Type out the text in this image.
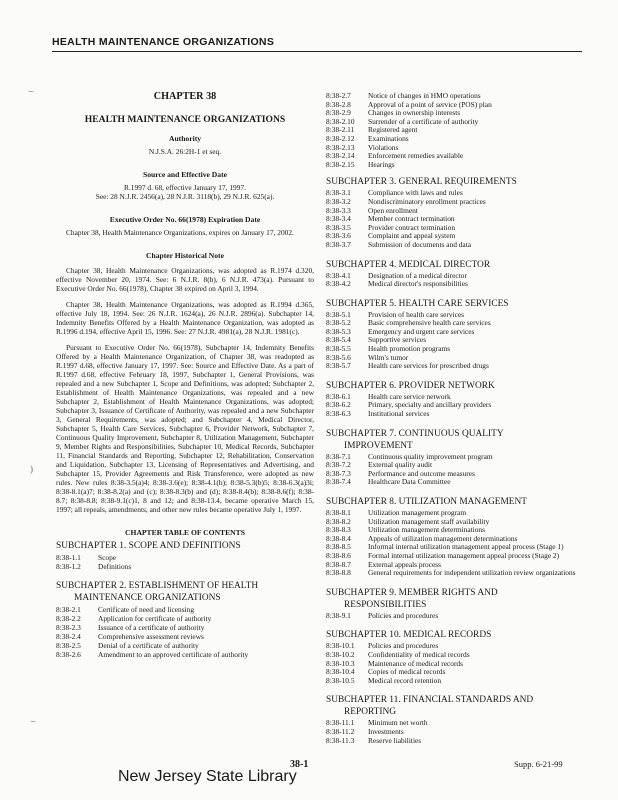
HEALTH MAINTENANCE ORGANIZATIONS
CHAPTER 38
HEALTH MAINTENANCE ORGANIZATIONS
Authority
N.J.S.A. 26:2H-1 et seq.
Source and Effective Date
R.1997 d. 68, effective January 17, 1997.
See: 28 N.J.R. 2456(a), 28 N.J.R. 3118(b), 29 N.J.R. 625(a).
Executive Order No. 66(1978) Expiration Date

Chapter 38, Health Maintenance Organizations, expires on January 17, 2002.

Chapter Historical Note

Chapter 38, Health Maintenance Organizations, was adopted as R.1974 d.320, effective November 20, 1974. See: 6 N.J.R. 8(b), 6 N.J.R. 473(a). Pursuant to Executive Order No. 66(1978), Chapter 38 expired on April 3, 1994.

Chapter 38, Health Maintenance Organizations, was adopted as R.1994 d.365, effective July 18, 1994. See: 26 N.J.R. 1624(a), 26 N.J.R. 2896(a). Subchapter 14, Indemnity Benefits Offered by a Health Maintenance Organization, was adopted as R.1996 d.194, effective April 15, 1996. See: 27 N.J.R. 4981(a), 28 N.J.R. 1981(c).

Pursuant to Executive Order No. 66(1978), Subchapter 14, Indemnity Benefits Offered by a Health Maintenance Organization, of Chapter 38, was readopted as R.1997 d.68, effective January 17, 1997. See: Source and Effective Date. As a part of R.1997 d.68, effective February 18, 1997, Subchapter 1, General Provisions, was repealed and a new Subchapter 1, Scope and Definitions, was adopted; Subchapter 2, Establishment of Health Maintenance Organizations, was repealed and a new Subchapter 2, Establishment of Health Maintenance Organizations, was adopted; Subchapter 3, Issuance of Certificate of Authority, was repealed and a new Subchapter 3, General Requirements, was adopted; and Subchapter 4, Medical Director, Subchapter 5, Health Care Services, Subchapter 6, Provider Network, Subchapter 7, Continuous Quality Improvement, Subchapter 8, Utilization Management, Subchapter 9, Member Rights and Responsibilities, Subchapter 10, Medical Records, Subchapter 11, Financial Standards and Reporting, Subchapter 12, Rehabilitation, Conservation and Liquidation, Subchapter 13, Licensing of Representatives and Advertising, and Subchapter 15, Provider Agreements and Risk Transference, were adopted as new rules. New rules 8:38-3.5(a)4; 8:38-3.6(e); 8:38-4.1(b); 8:38-5.3(b)5; 8:38-6.3(a)3i; 8:38-8.1(a)7; 8:38-8.2(a) and (c); 8:38-8.3(b) and (d); 8:38-8.4(b); 8:38-8.6(f); 8:38-8.7; 8:38-8.8; 8:38-9.1(c)1, 8 and 12; and 8:38-13.4, became operative March 15, 1997; all repeals, amendments, and other new rules became operative July 1, 1997.

CHAPTER TABLE OF CONTENTS
SUBCHAPTER 1. SCOPE AND DEFINITIONS
8:38-1.1	Scope
8:38-1.2	Definitions
SUBCHAPTER 2. ESTABLISHMENT OF HEALTH
MAINTENANCE ORGANIZATIONS
8:38-2.1	Certificate of need and licensing
8:38-2.2	Application for certificate of authority
8:38-2.3	Issuance of a certificate of authority
8:38-2.4	Comprehensive assessment reviews
8:38-2.5	Denial of a certificate of authority
8:38-2.6	Amendment to an approved certificate of authority
8:38-2.7	Notice of changes in HMO operations
8:38-2.8	Approval of a point of service (POS) plan
8:38-2.9	Changes in ownership interests
8:38-2.10	Surrender of a certificate of authority
8:38-2.11	Registered agent
8:38-2.12	Examinations
8:38-2.13	Violations
8:38-2.14	Enforcement remedies available
8:38-2.15	Hearings
SUBCHAPTER 3. GENERAL REQUIREMENTS
8:38-3.1	Compliance with laws and rules
8:38-3.2	Nondiscriminatory enrollment practices
8:38-3.3	Open enrollment
8:38-3.4	Member contract termination
8:38-3.5	Provider contract termination
8:38-3.6	Complaint and appeal system
8:38-3.7	Submission of documents and data
SUBCHAPTER 4. MEDICAL DIRECTOR
8:38-4.1	Designation of a medical director
8:38-4.2	Medical director's responsibilities
SUBCHAPTER 5. HEALTH CARE SERVICES
8:38-5.1	Provision of health care services
8:38-5.2	Basic comprehensive health care services
8:38-5.3	Emergency and urgent care services
8:38-5.4	Supportive services
8:38-5.5	Health promotion programs
8:38-5.6	Wilm's tumor
8:38-5.7	Health care services for prescribed drugs
SUBCHAPTER 6. PROVIDER NETWORK
8:38-6.1	Health care service network
8:38-6.2	Primary, specialty and ancillary providers
8:38-6.3	Institutional services
SUBCHAPTER 7. CONTINUOUS QUALITY
IMPROVEMENT
8:38-7.1	Continuous quality improvement program
8:38-7.2	External quality audit
8:38-7.3	Performance and outcome measures
8:38-7.4	Healthcare Data Committee
SUBCHAPTER 8. UTILIZATION MANAGEMENT
8:38-8.1	Utilization management program
8:38-8.2	Utilization management staff availability
8:38-8.3	Utilization management determinations
8:38-8.4	Appeals of utilization management determinations
8:38-8.5	Informal internal utilization management appeal process (Stage 1)
8:38-8.6	Formal internal utilization management appeal process (Stage 2)
8:38-8.7	External appeals process
8:38-8.8	General requirements for independent utilization review organizations
SUBCHAPTER 9. MEMBER RIGHTS AND
RESPONSIBILITIES
8:38-9.1	Policies and procedures
SUBCHAPTER 10. MEDICAL RECORDS
8:38-10.1	Policies and procedures
8:38-10.2	Confidentiality of medical records
8:38-10.3	Maintenance of medical records
8:38-10.4	Copies of medical records
8:38-10.5	Medical record retention
SUBCHAPTER 11. FINANCIAL STANDARDS AND
REPORTING
8:38-11.1	Minimum net worth
8:38-11.2	Investments
8:38-11.3	Reserve liabilities
⌣
)
⌣
38-1	Supp. 6-21-99
New Jersey State Library
